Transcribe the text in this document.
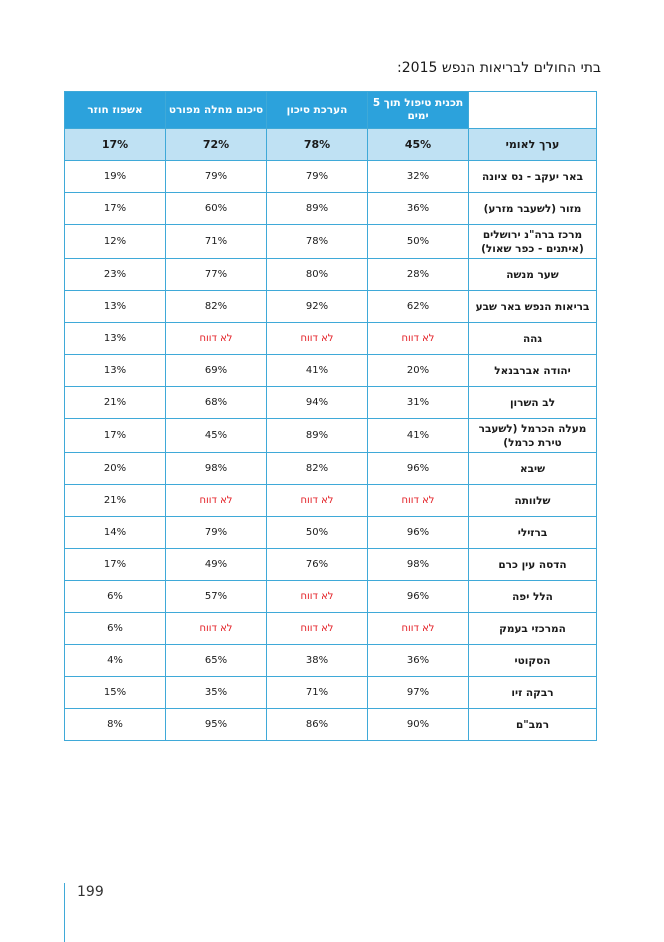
בתי החולים לבריאות הנפש 2015:
	תכנית טיפול תוך 5 ימים	הערכת סיכון	סיכום מחלה מפורט	אשפוז חוזר
ערך לאומי	45%	78%	72%	17%
באר יעקב - נס ציונה	32%	79%	79%	19%
מזור (לשעבר מזרע)	36%	89%	60%	17%
מרכז ברה"נ ירושלים (איתנים - כפר שאול)	50%	78%	71%	12%
שער מנשה	28%	80%	77%	23%
בריאות הנפש באר שבע	62%	92%	82%	13%
גהה	לא דווח	לא דווח	לא דווח	13%
יהודה אברבנאל	20%	41%	69%	13%
לב השרון	31%	94%	68%	21%
מעלה הכרמל (לשעבר טירת כרמל)	41%	89%	45%	17%
שיבא	96%	82%	98%	20%
שלוותה	לא דווח	לא דווח	לא דווח	21%
ברזילי	96%	50%	79%	14%
הדסה עין כרם	98%	76%	49%	17%
הלל יפה	96%	לא דווח	57%	6%
המרכזי בעמק	לא דווח	לא דווח	לא דווח	6%
הסקוטי	36%	38%	65%	4%
רבקה זיו	97%	71%	35%	15%
רמב"ם	90%	86%	95%	8%
199
